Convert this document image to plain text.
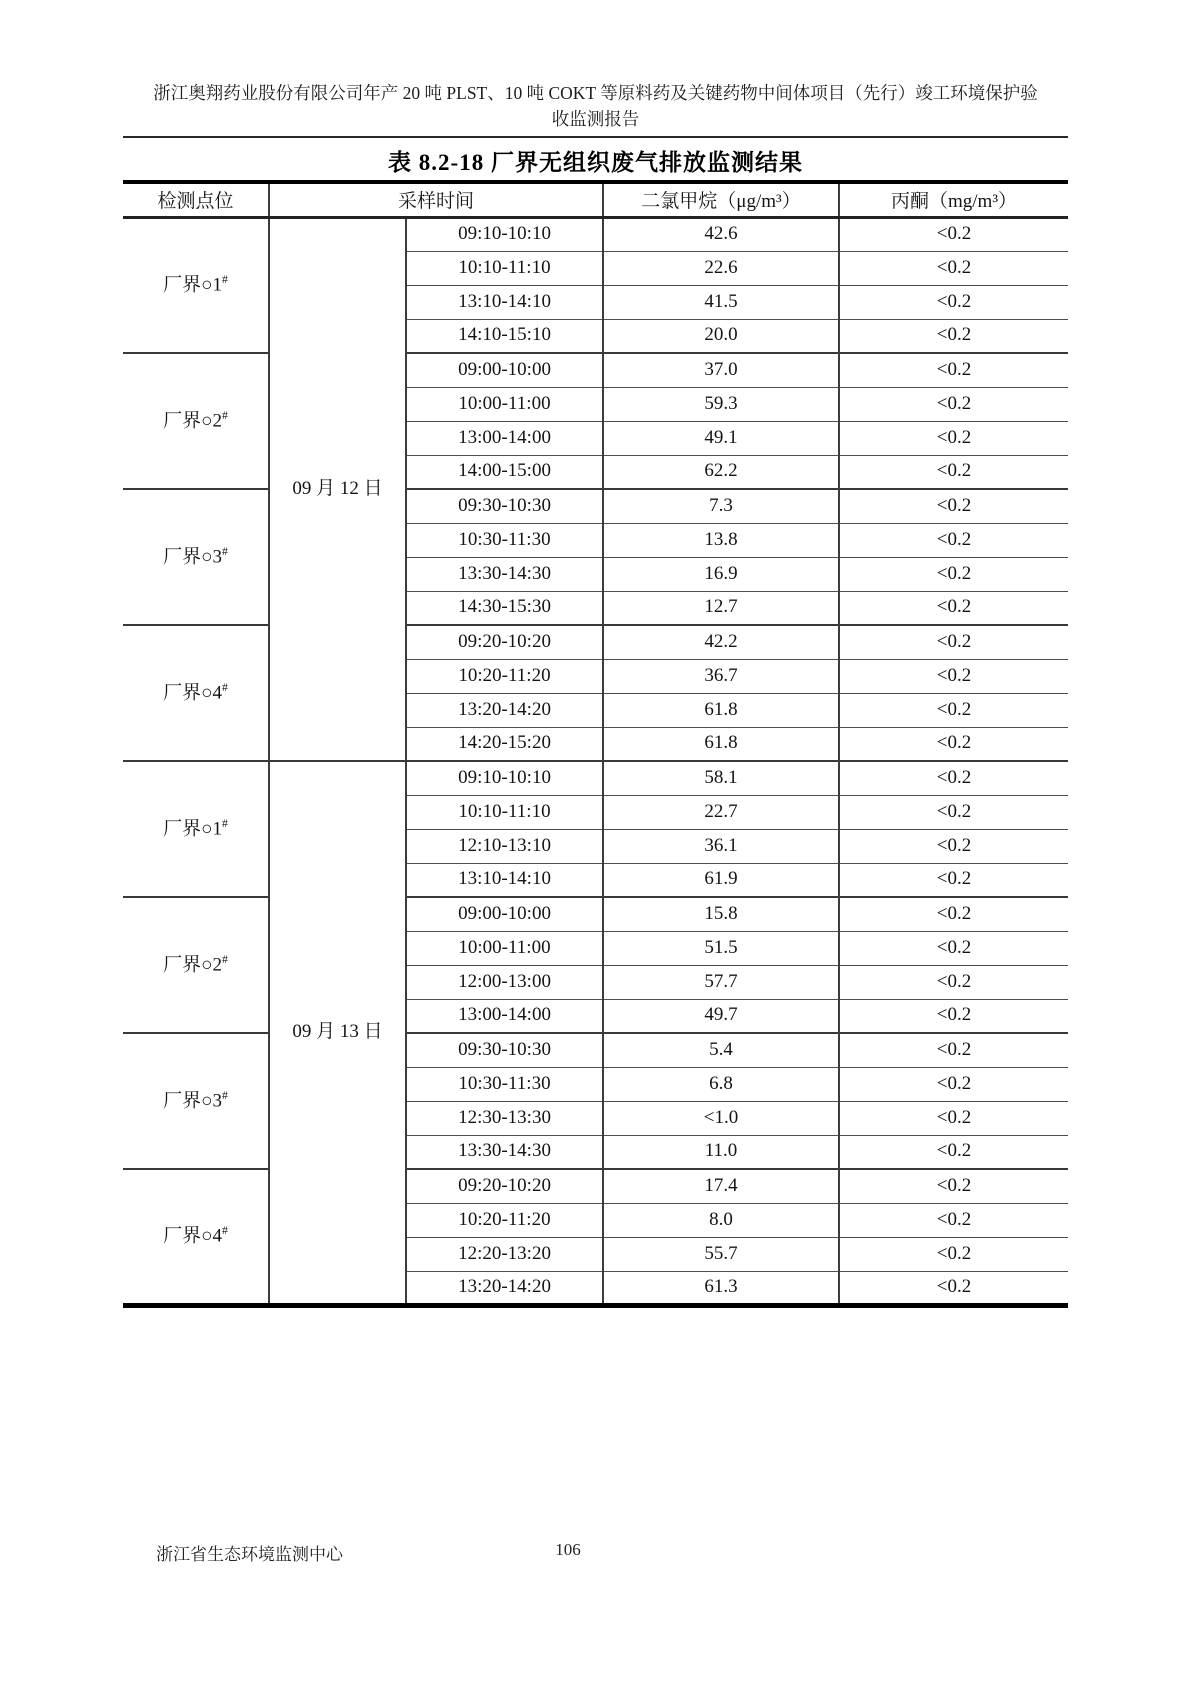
浙江奥翔药业股份有限公司年产 20 吨 PLST、10 吨 COKT 等原料药及关键药物中间体项目（先行）竣工环境保护验
收监测报告
表 8.2-18 厂界无组织废气排放监测结果
检测点位	采样时间		二氯甲烷（μg/m³）	丙酮（mg/m³）
厂界○1#	09 月 12 日	09:10-10:10	42.6	<0.2
		10:10-11:10	22.6	<0.2
		13:10-14:10	41.5	<0.2
		14:10-15:10	20.0	<0.2
厂界○2#		09:00-10:00	37.0	<0.2
		10:00-11:00	59.3	<0.2
		13:00-14:00	49.1	<0.2
		14:00-15:00	62.2	<0.2
厂界○3#		09:30-10:30	7.3	<0.2
		10:30-11:30	13.8	<0.2
		13:30-14:30	16.9	<0.2
		14:30-15:30	12.7	<0.2
厂界○4#		09:20-10:20	42.2	<0.2
		10:20-11:20	36.7	<0.2
		13:20-14:20	61.8	<0.2
		14:20-15:20	61.8	<0.2
厂界○1#	09 月 13 日	09:10-10:10	58.1	<0.2
		10:10-11:10	22.7	<0.2
		12:10-13:10	36.1	<0.2
		13:10-14:10	61.9	<0.2
厂界○2#		09:00-10:00	15.8	<0.2
		10:00-11:00	51.5	<0.2
		12:00-13:00	57.7	<0.2
		13:00-14:00	49.7	<0.2
厂界○3#		09:30-10:30	5.4	<0.2
		10:30-11:30	6.8	<0.2
		12:30-13:30	<1.0	<0.2
		13:30-14:30	11.0	<0.2
厂界○4#		09:20-10:20	17.4	<0.2
		10:20-11:20	8.0	<0.2
		12:20-13:20	55.7	<0.2
		13:20-14:20	61.3	<0.2
106
浙江省生态环境监测中心
